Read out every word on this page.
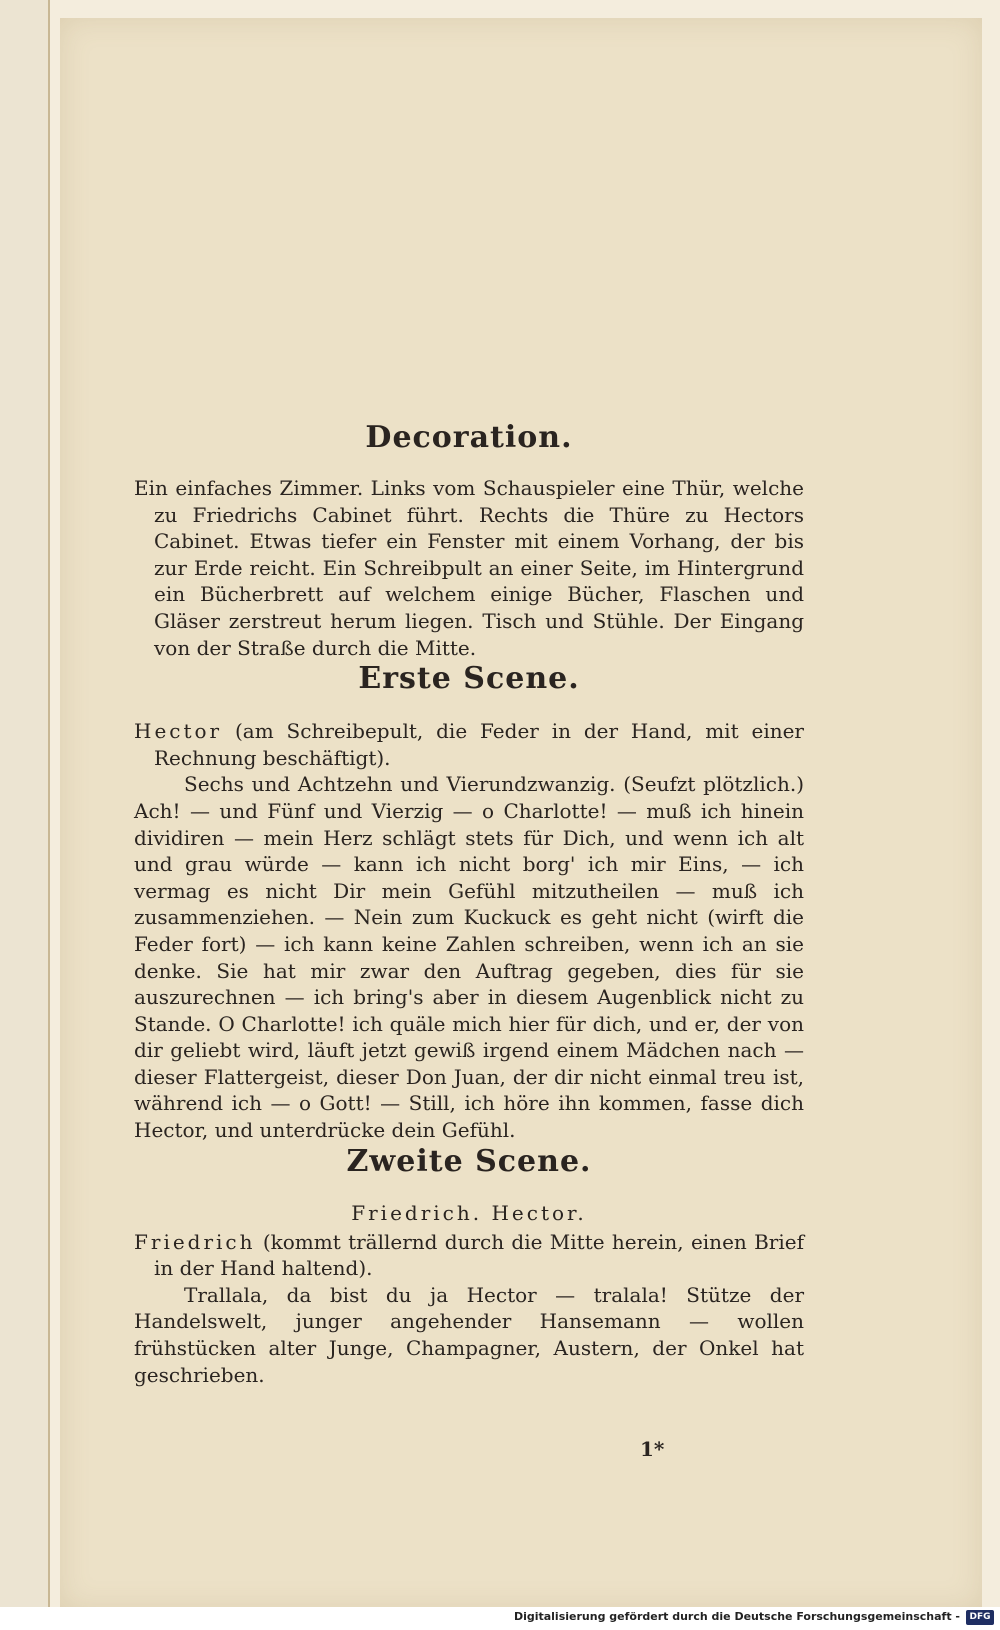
Decoration.

Ein einfaches Zimmer. Links vom Schauspieler eine Thür, welche zu Friedrichs Cabinet führt. Rechts die Thüre zu Hectors Cabinet. Etwas tiefer ein Fenster mit einem Vorhang, der bis zur Erde reicht. Ein Schreibpult an einer Seite, im Hintergrund ein Bücherbrett auf welchem einige Bücher, Flaschen und Gläser zerstreut herum liegen. Tisch und Stühle. Der Eingang von der Straße durch die Mitte.

Erste Scene.

Hector (am Schreibepult, die Feder in der Hand, mit einer Rechnung beschäftigt).

Sechs und Achtzehn und Vierundzwanzig. (Seufzt plötzlich.) Ach! — und Fünf und Vierzig — o Charlotte! — muß ich hinein dividiren — mein Herz schlägt stets für Dich, und wenn ich alt und grau würde — kann ich nicht borg' ich mir Eins, — ich vermag es nicht Dir mein Gefühl mitzutheilen — muß ich zusammenziehen. — Nein zum Kuckuck es geht nicht (wirft die Feder fort) — ich kann keine Zahlen schreiben, wenn ich an sie denke. Sie hat mir zwar den Auftrag gegeben, dies für sie auszurechnen — ich bring's aber in diesem Augenblick nicht zu Stande. O Charlotte! ich quäle mich hier für dich, und er, der von dir geliebt wird, läuft jetzt gewiß irgend einem Mädchen nach — dieser Flattergeist, dieser Don Juan, der dir nicht einmal treu ist, während ich — o Gott! — Still, ich höre ihn kommen, fasse dich Hector, und unterdrücke dein Gefühl.

Zweite Scene.
Friedrich. Hector.

Friedrich (kommt trällernd durch die Mitte herein, einen Brief in der Hand haltend).

Trallala, da bist du ja Hector — tralala! Stütze der Handelswelt, junger angehender Hansemann — wollen frühstücken alter Junge, Champagner, Austern, der Onkel hat geschrieben.

1*
Digitalisierung gefördert durch die Deutsche Forschungsgemeinschaft -	DFG
